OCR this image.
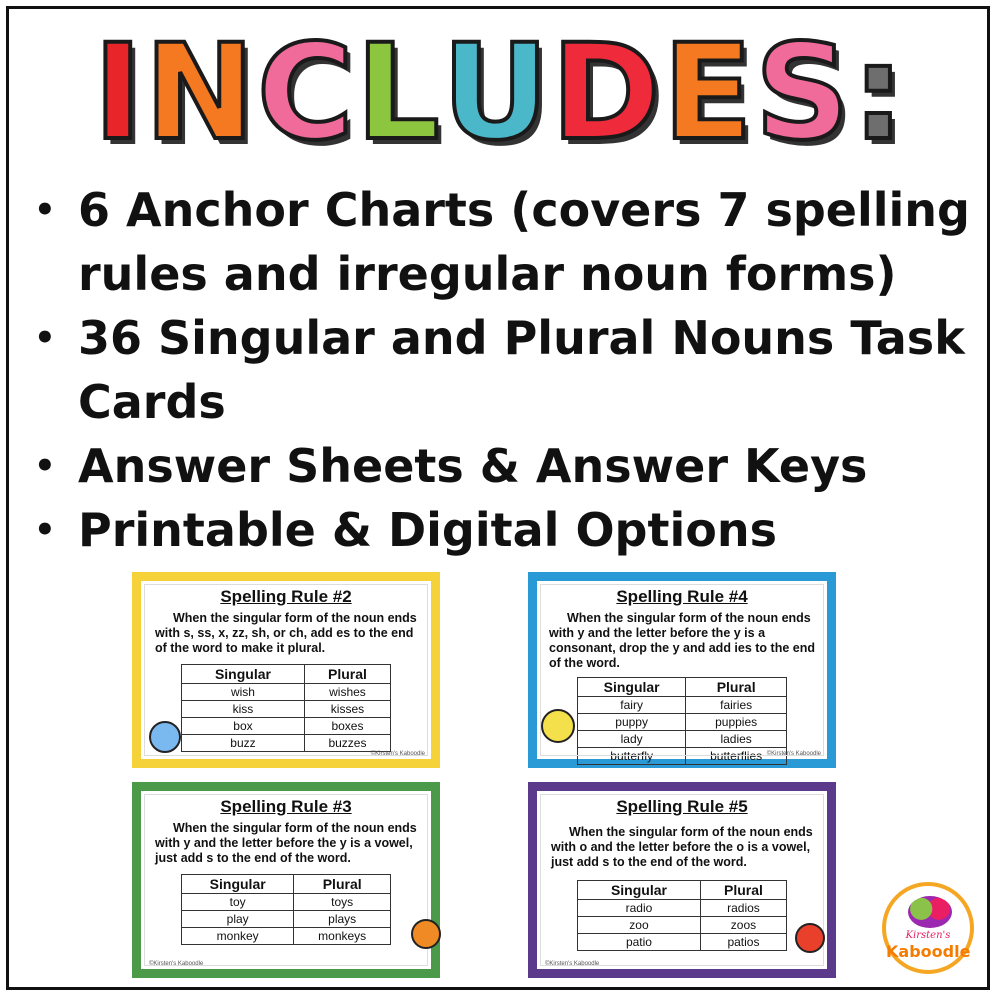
INCLUDES:
• 6 Anchor Charts (covers 7 spelling rules and irregular noun forms)
• 36 Singular and Plural Nouns Task Cards
• Answer Sheets & Answer Keys
• Printable & Digital Options
Spelling Rule #2
When the singular form of the noun ends with s, ss, x, zz, sh, or ch, add es to the end of the word to make it plural.
Singular	Plural
wish	wishes
kiss	kisses
box	boxes
buzz	buzzes
©Kirsten's Kaboodle
Spelling Rule #4
When the singular form of the noun ends with y and the letter before the y is a consonant, drop the y and add ies to the end of the word.
Singular	Plural
fairy	fairies
puppy	puppies
lady	ladies
butterfly	butterflies ©Kirsten's Kaboodle
Spelling Rule #3
When the singular form of the noun ends with y and the letter before the y is a vowel, just add s to the end of the word.
Singular	Plural
toy	toys
play	plays
monkey	monkeys
©Kirsten's Kaboodle
Spelling Rule #5
When the singular form of the noun ends with o and the letter before the o is a vowel, just add s to the end of the word.
Singular	Plural
radio	radios
zoo	zoos
patio	patios
©Kirsten's Kaboodle
Kirsten's
Kaboodle
